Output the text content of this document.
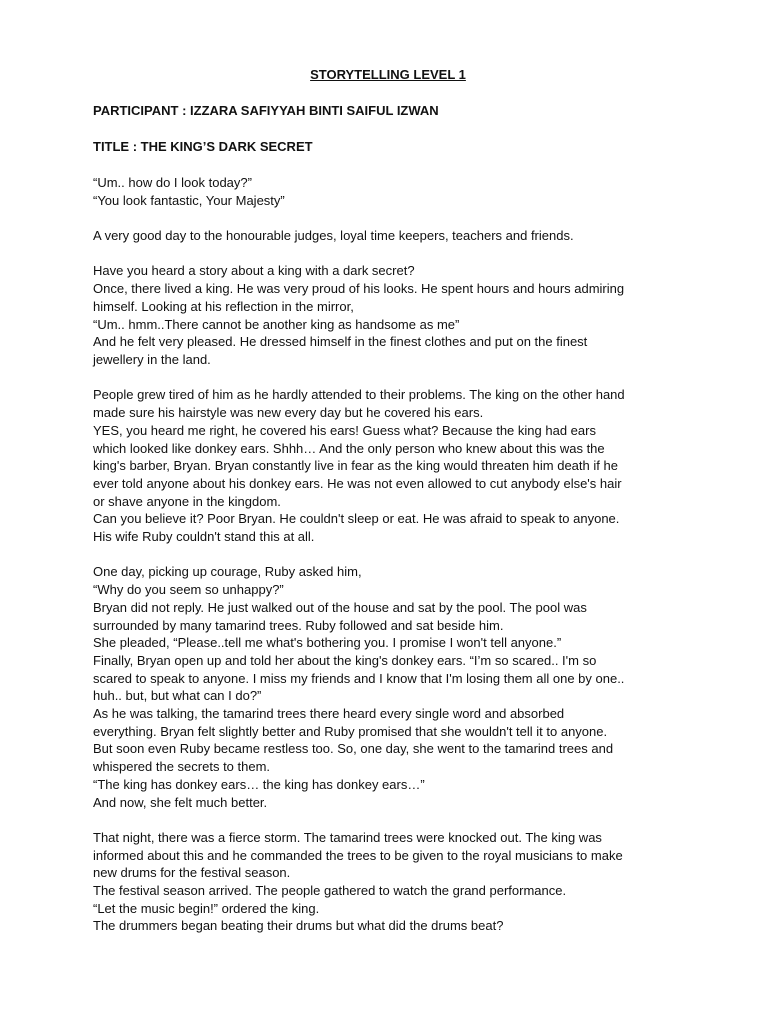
STORYTELLING LEVEL 1
PARTICIPANT : IZZARA SAFIYYAH BINTI SAIFUL IZWAN
TITLE : THE KING’S DARK SECRET
“Um.. how do I look today?”
“You look fantastic, Your Majesty”
A very good day to the honourable judges, loyal time keepers, teachers and friends.
Have you heard a story about a king with a dark secret?
Once, there lived a king. He was very proud of his looks. He spent hours and hours admiring
himself. Looking at his reflection in the mirror,
“Um.. hmm..There cannot be another king as handsome as me”
And he felt very pleased. He dressed himself in the finest clothes and put on the finest
jewellery in the land.
People grew tired of him as he hardly attended to their problems. The king on the other hand
made sure his hairstyle was new every day but he covered his ears.
YES, you heard me right, he covered his ears! Guess what? Because the king had ears
which looked like donkey ears. Shhh… And the only person who knew about this was the
king's barber, Bryan. Bryan constantly live in fear as the king would threaten him death if he
ever told anyone about his donkey ears. He was not even allowed to cut anybody else's hair
or shave anyone in the kingdom.
Can you believe it? Poor Bryan. He couldn't sleep or eat. He was afraid to speak to anyone.
His wife Ruby couldn't stand this at all.
One day, picking up courage, Ruby asked him,
“Why do you seem so unhappy?”
Bryan did not reply. He just walked out of the house and sat by the pool. The pool was
surrounded by many tamarind trees. Ruby followed and sat beside him.
She pleaded, “Please..tell me what's bothering you. I promise I won't tell anyone.”
Finally, Bryan open up and told her about the king's donkey ears. “I’m so scared.. I'm so
scared to speak to anyone. I miss my friends and I know that I'm losing them all one by one..
huh.. but, but what can I do?”
As he was talking, the tamarind trees there heard every single word and absorbed
everything. Bryan felt slightly better and Ruby promised that she wouldn't tell it to anyone.
But soon even Ruby became restless too. So, one day, she went to the tamarind trees and
whispered the secrets to them.
“The king has donkey ears… the king has donkey ears…”
And now, she felt much better.
That night, there was a fierce storm. The tamarind trees were knocked out. The king was
informed about this and he commanded the trees to be given to the royal musicians to make
new drums for the festival season.
The festival season arrived. The people gathered to watch the grand performance.
“Let the music begin!” ordered the king.
The drummers began beating their drums but what did the drums beat?
